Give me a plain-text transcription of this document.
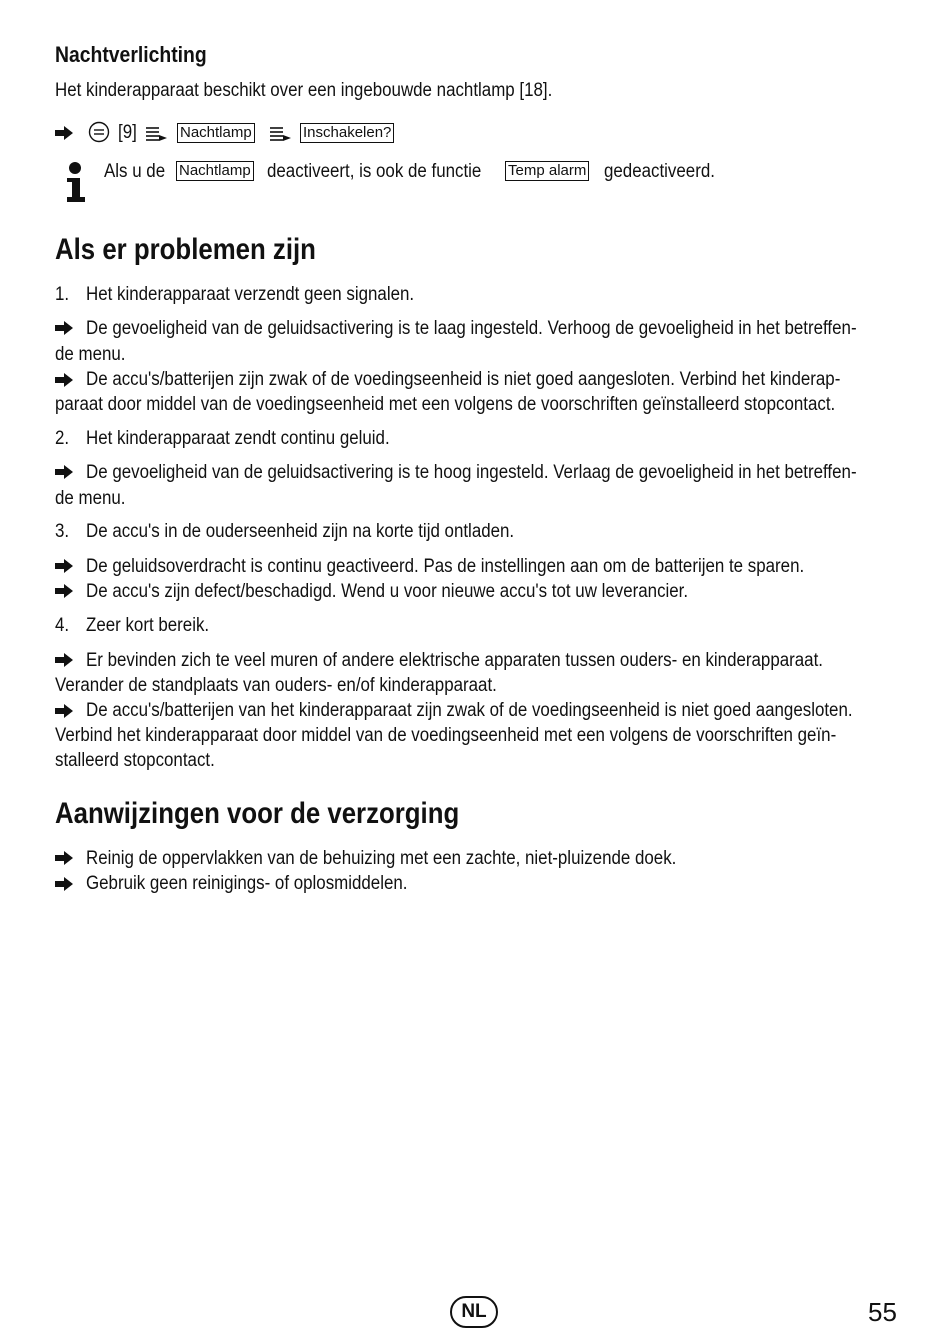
Nachtverlichting
Het kinderapparaat beschikt over een ingebouwde nachtlamp [18].
[9]	Nachtlamp	Inschakelen?
Als u de Nachtlamp deactiveert, is ook de functie Temp alarm gedeactiveerd.
Als er problemen zijn
1. Het kinderapparaat verzendt geen signalen.
De gevoeligheid van de geluidsactivering is te laag ingesteld. Verhoog de gevoeligheid in het betreffen-
de menu.
De accu's/batterijen zijn zwak of de voedingseenheid is niet goed aangesloten. Verbind het kinderap-
paraat door middel van de voedingseenheid met een volgens de voorschriften geïnstalleerd stopcontact.
2. Het kinderapparaat zendt continu geluid.
De gevoeligheid van de geluidsactivering is te hoog ingesteld. Verlaag de gevoeligheid in het betreffen-
de menu.
3. De accu's in de ouderseenheid zijn na korte tijd ontladen.
De geluidsoverdracht is continu geactiveerd. Pas de instellingen aan om de batterijen te sparen.
De accu's zijn defect/beschadigd. Wend u voor nieuwe accu's tot uw leverancier.
4. Zeer kort bereik.
Er bevinden zich te veel muren of andere elektrische apparaten tussen ouders- en kinderapparaat.
Verander de standplaats van ouders- en/of kinderapparaat.
De accu's/batterijen van het kinderapparaat zijn zwak of de voedingseenheid is niet goed aangesloten.
Verbind het kinderapparaat door middel van de voedingseenheid met een volgens de voorschriften geïn-
stalleerd stopcontact.
Aanwijzingen voor de verzorging
Reinig de oppervlakken van de behuizing met een zachte, niet-pluizende doek.
Gebruik geen reinigings- of oplosmiddelen.
NL	55
